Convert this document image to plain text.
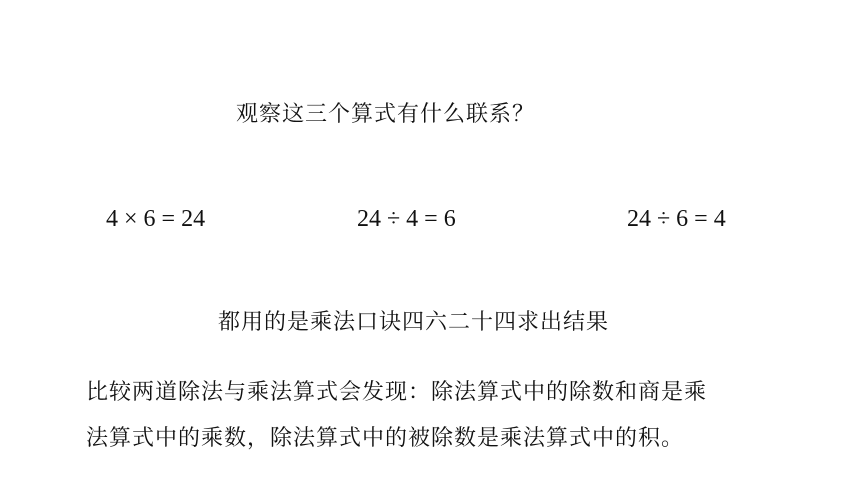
观察这三个算式有什么联系？
4 × 6 = 24	24 ÷ 4 = 6	24 ÷ 6 = 4
都用的是乘法口诀四六二十四求出结果
比较两道除法与乘法算式会发现：除法算式中的除数和商是乘
法算式中的乘数，除法算式中的被除数是乘法算式中的积。
